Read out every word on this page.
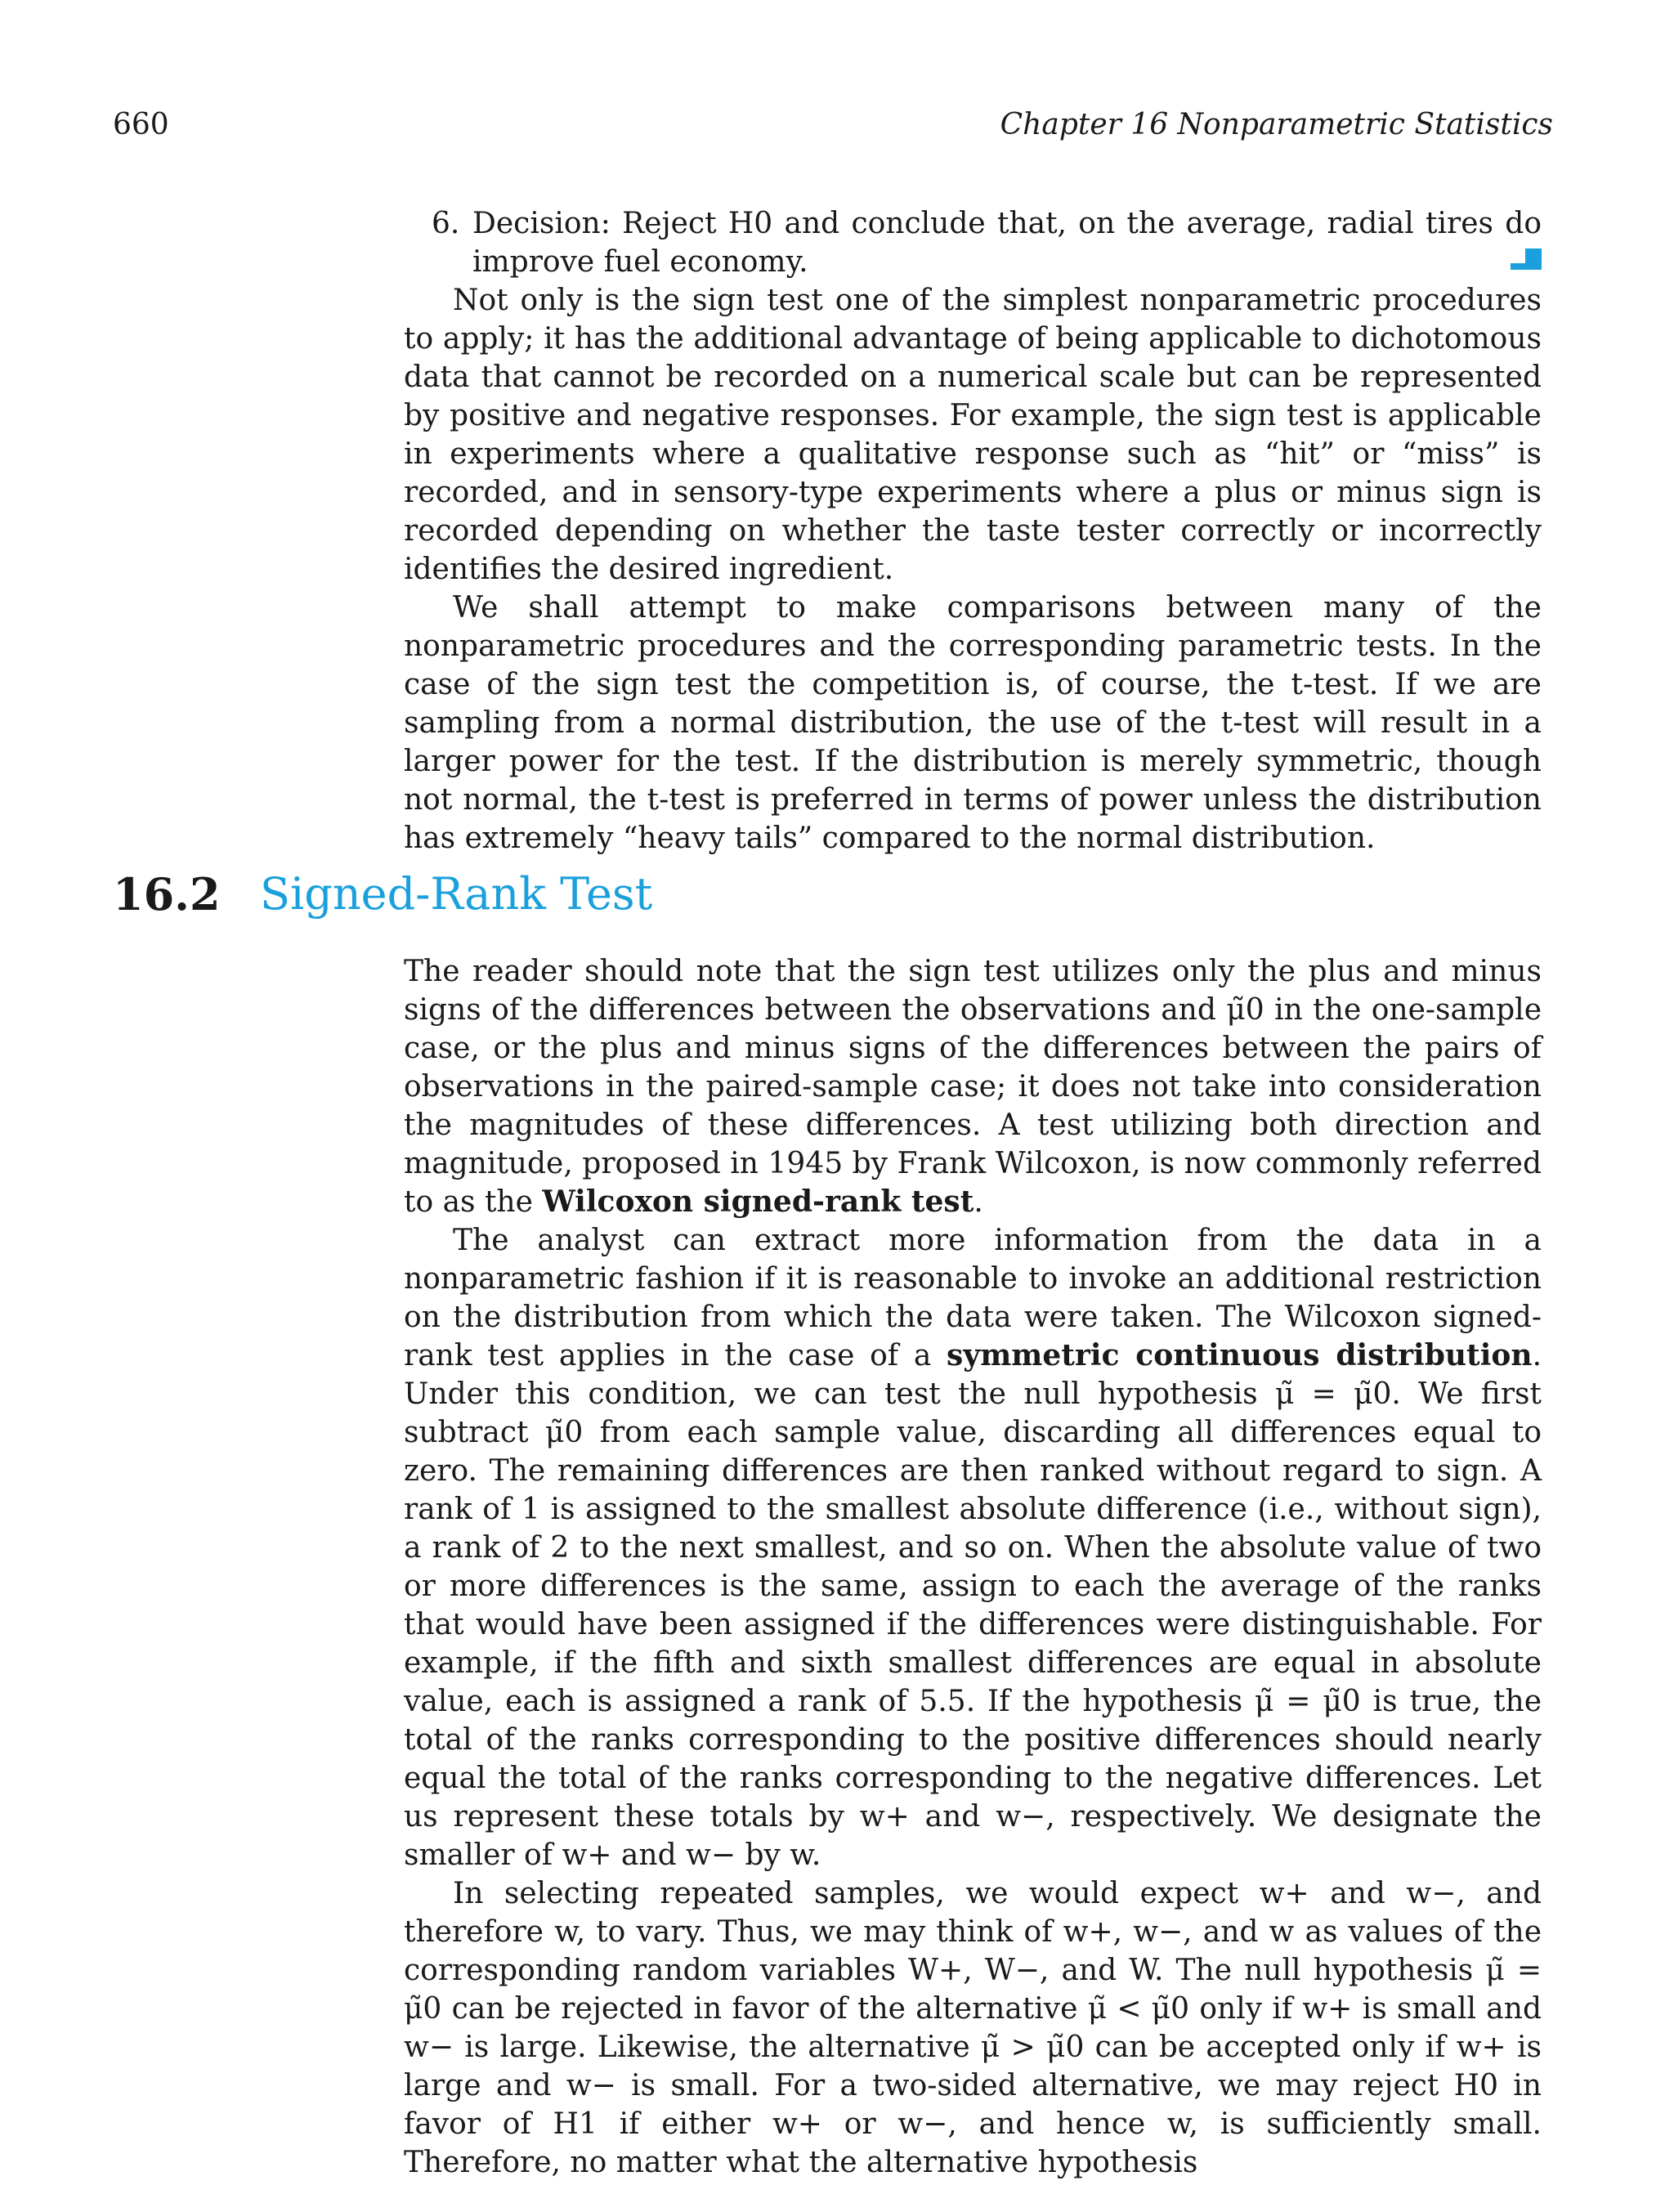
660	Chapter 16 Nonparametric Statistics
6. Decision: Reject H0 and conclude that, on the average, radial tires do improve fuel economy.

Not only is the sign test one of the simplest nonparametric procedures to apply; it has the additional advantage of being applicable to dichotomous data that cannot be recorded on a numerical scale but can be represented by positive and negative responses. For example, the sign test is applicable in experiments where a qualitative response such as “hit” or “miss” is recorded, and in sensory-type experiments where a plus or minus sign is recorded depending on whether the taste tester correctly or incorrectly identifies the desired ingredient.

We shall attempt to make comparisons between many of the nonparametric procedures and the corresponding parametric tests. In the case of the sign test the competition is, of course, the t-test. If we are sampling from a normal distribution, the use of the t-test will result in a larger power for the test. If the distribution is merely symmetric, though not normal, the t-test is preferred in terms of power unless the distribution has extremely “heavy tails” compared to the normal distribution.

16.2 Signed-Rank Test

The reader should note that the sign test utilizes only the plus and minus signs of the differences between the observations and μ̃0 in the one-sample case, or the plus and minus signs of the differences between the pairs of observations in the paired-sample case; it does not take into consideration the magnitudes of these differences. A test utilizing both direction and magnitude, proposed in 1945 by Frank Wilcoxon, is now commonly referred to as the Wilcoxon signed-rank test.

The analyst can extract more information from the data in a nonparametric fashion if it is reasonable to invoke an additional restriction on the distribution from which the data were taken. The Wilcoxon signed-rank test applies in the case of a symmetric continuous distribution. Under this condition, we can test the null hypothesis μ̃ = μ̃0. We first subtract μ̃0 from each sample value, discarding all differences equal to zero. The remaining differences are then ranked without regard to sign. A rank of 1 is assigned to the smallest absolute difference (i.e., without sign), a rank of 2 to the next smallest, and so on. When the absolute value of two or more differences is the same, assign to each the average of the ranks that would have been assigned if the differences were distinguishable. For example, if the fifth and sixth smallest differences are equal in absolute value, each is assigned a rank of 5.5. If the hypothesis μ̃ = μ̃0 is true, the total of the ranks corresponding to the positive differences should nearly equal the total of the ranks corresponding to the negative differences. Let us represent these totals by w+ and w−, respectively. We designate the smaller of w+ and w− by w.

In selecting repeated samples, we would expect w+ and w−, and therefore w, to vary. Thus, we may think of w+, w−, and w as values of the corresponding random variables W+, W−, and W. The null hypothesis μ̃ = μ̃0 can be rejected in favor of the alternative μ̃ < μ̃0 only if w+ is small and w− is large. Likewise, the alternative μ̃ > μ̃0 can be accepted only if w+ is large and w− is small. For a two-sided alternative, we may reject H0 in favor of H1 if either w+ or w−, and hence w, is sufficiently small. Therefore, no matter what the alternative hypothesis
